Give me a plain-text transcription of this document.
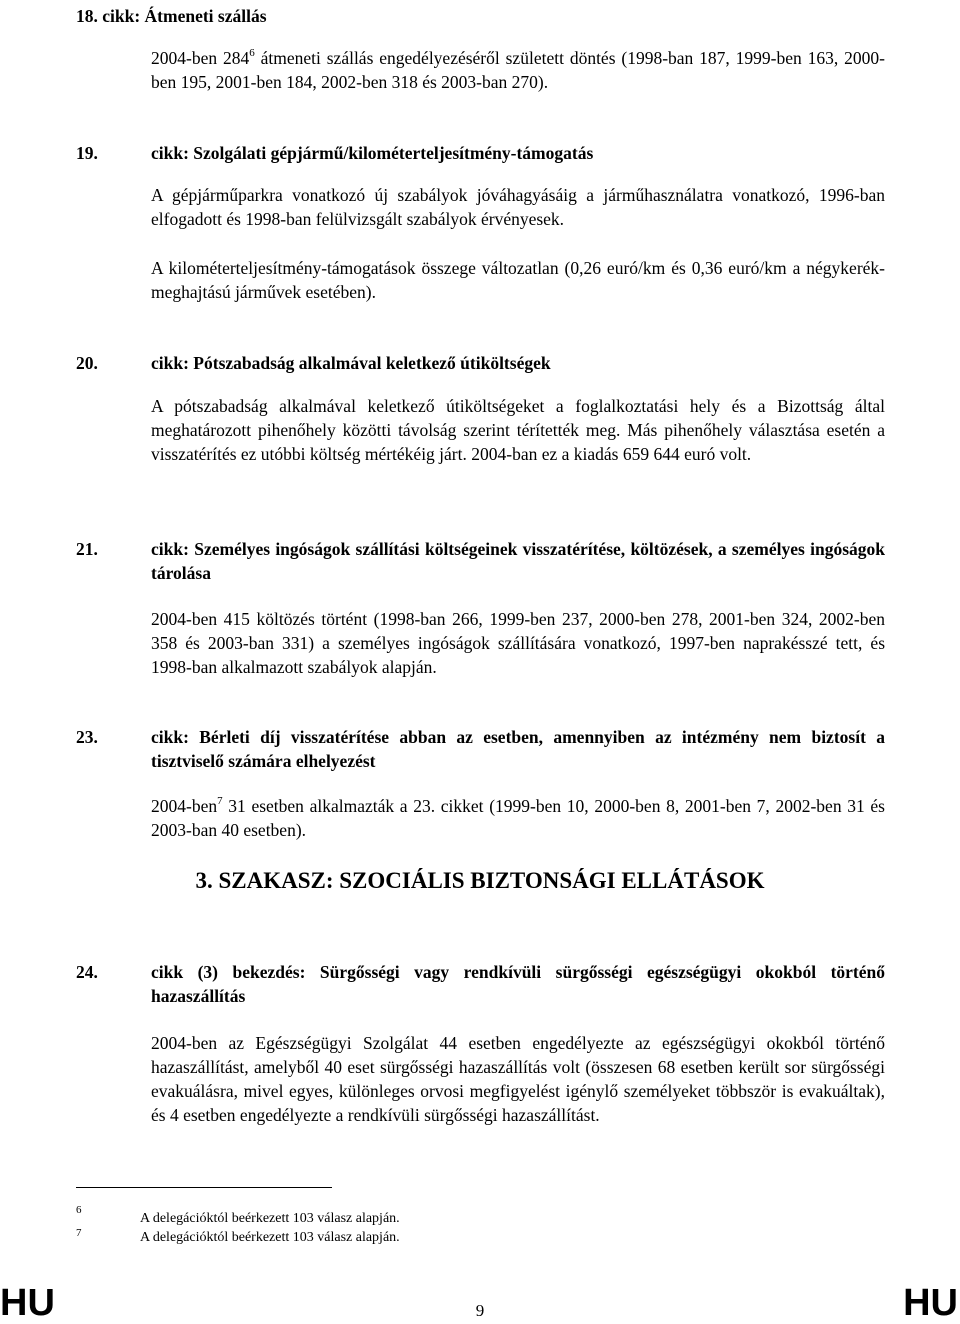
18. cikk: Átmeneti szállás

2004-ben $284^6$ átmeneti szállás engedélyezéséről született döntés (1998-ban 187, 1999-ben 163, 2000-ben 195, 2001-ben 184, 2002-ben 318 és 2003-ban 270).

19.	cikk: Szolgálati gépjármű/kilométerteljesítmény-támogatás

A gépjárműparkra vonatkozó új szabályok jóváhagyásáig a járműhasználatra vonatkozó, 1996-ban elfogadott és 1998-ban felülvizsgált szabályok érvényesek.

A kilométerteljesítmény-támogatások összege változatlan (0,26 euró/km és 0,36 euró/km a négykerék-meghajtású járművek esetében).

20.	cikk: Pótszabadság alkalmával keletkező útiköltségek

A pótszabadság alkalmával keletkező útiköltségeket a foglalkoztatási hely és a Bizottság által meghatározott pihenőhely közötti távolság szerint térítették meg. Más pihenőhely választása esetén a visszatérítés ez utóbbi költség mértékéig járt. 2004-ban ez a kiadás 659 644 euró volt.

21.	cikk: Személyes ingóságok szállítási költségeinek visszatérítése, költözések, a személyes ingóságok tárolása

2004-ben 415 költözés történt (1998-ban 266, 1999-ben 237, 2000-ben 278, 2001-ben 324, 2002-ben 358 és 2003-ban 331) a személyes ingóságok szállítására vonatkozó, 1997-ben naprakésszé tett, és 1998-ban alkalmazott szabályok alapján.

23.	cikk: Bérleti díj visszatérítése abban az esetben, amennyiben az intézmény nem biztosít a tisztviselő számára elhelyezést

2004-ben$^7$ 31 esetben alkalmazták a 23. cikket (1999-ben 10, 2000-ben 8, 2001-ben 7, 2002-ben 31 és 2003-ban 40 esetben).

3. SZAKASZ: SZOCIÁLIS BIZTONSÁGI ELLÁTÁSOK
24.	cikk (3) bekezdés: Sürgősségi vagy rendkívüli sürgősségi egészségügyi okokból történő hazaszállítás

2004-ben az Egészségügyi Szolgálat 44 esetben engedélyezte az egészségügyi okokból történő hazaszállítást, amelyből 40 eset sürgősségi hazaszállítás volt (összesen 68 esetben került sor sürgősségi evakuálásra, mivel egyes, különleges orvosi megfigyelést igénylő személyeket többször is evakuáltak), és 4 esetben engedélyezte a rendkívüli sürgősségi hazaszállítást.

6
A delegációktól beérkezett 103 válasz alapján.
7	A delegációktól beérkezett 103 válasz alapján.
HU	9	HU
